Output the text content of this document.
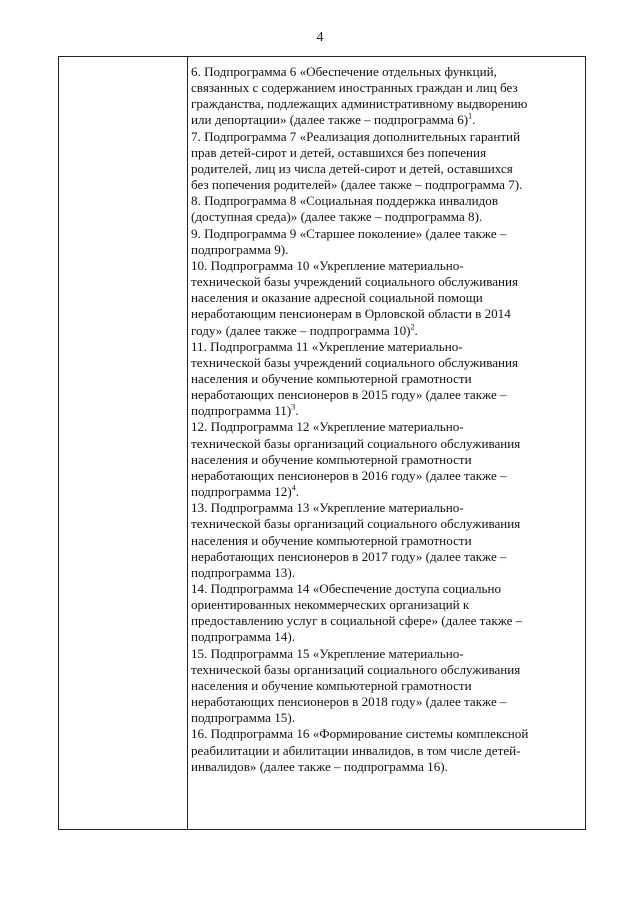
4
6. Подпрограмма 6 «Обеспечение отдельных функций,
связанных с содержанием иностранных граждан и лиц без
гражданства, подлежащих административному выдворению
или депортации» (далее также – подпрограмма 6)$^1$.
7. Подпрограмма 7 «Реализация дополнительных гарантий
прав детей-сирот и детей, оставшихся без попечения
родителей, лиц из числа детей-сирот и детей, оставшихся
без попечения родителей» (далее также – подпрограмма 7).
8. Подпрограмма 8 «Социальная поддержка инвалидов
(доступная среда)» (далее также – подпрограмма 8).
9. Подпрограмма 9 «Старшее поколение» (далее также –
подпрограмма 9).
10. Подпрограмма 10 «Укрепление материально-
технической базы учреждений социального обслуживания
населения и оказание адресной социальной помощи
неработающим пенсионерам в Орловской области в 2014
году» (далее также – подпрограмма 10)$^2$.
11. Подпрограмма 11 «Укрепление материально-
технической базы учреждений социального обслуживания
населения и обучение компьютерной грамотности
неработающих пенсионеров в 2015 году» (далее также –
подпрограмма 11)$^3$.
12. Подпрограмма 12 «Укрепление материально-
технической базы организаций социального обслуживания
населения и обучение компьютерной грамотности
неработающих пенсионеров в 2016 году» (далее также –
подпрограмма 12)$^4$.
13. Подпрограмма 13 «Укрепление материально-
технической базы организаций социального обслуживания
населения и обучение компьютерной грамотности
неработающих пенсионеров в 2017 году» (далее также –
подпрограмма 13).
14. Подпрограмма 14 «Обеспечение доступа социально
ориентированных некоммерческих организаций к
предоставлению услуг в социальной сфере» (далее также –
подпрограмма 14).
15. Подпрограмма 15 «Укрепление материально-
технической базы организаций социального обслуживания
населения и обучение компьютерной грамотности
неработающих пенсионеров в 2018 году» (далее также –
подпрограмма 15).
16. Подпрограмма 16 «Формирование системы комплексной
реабилитации и абилитации инвалидов, в том числе детей-
инвалидов» (далее также – подпрограмма 16).
